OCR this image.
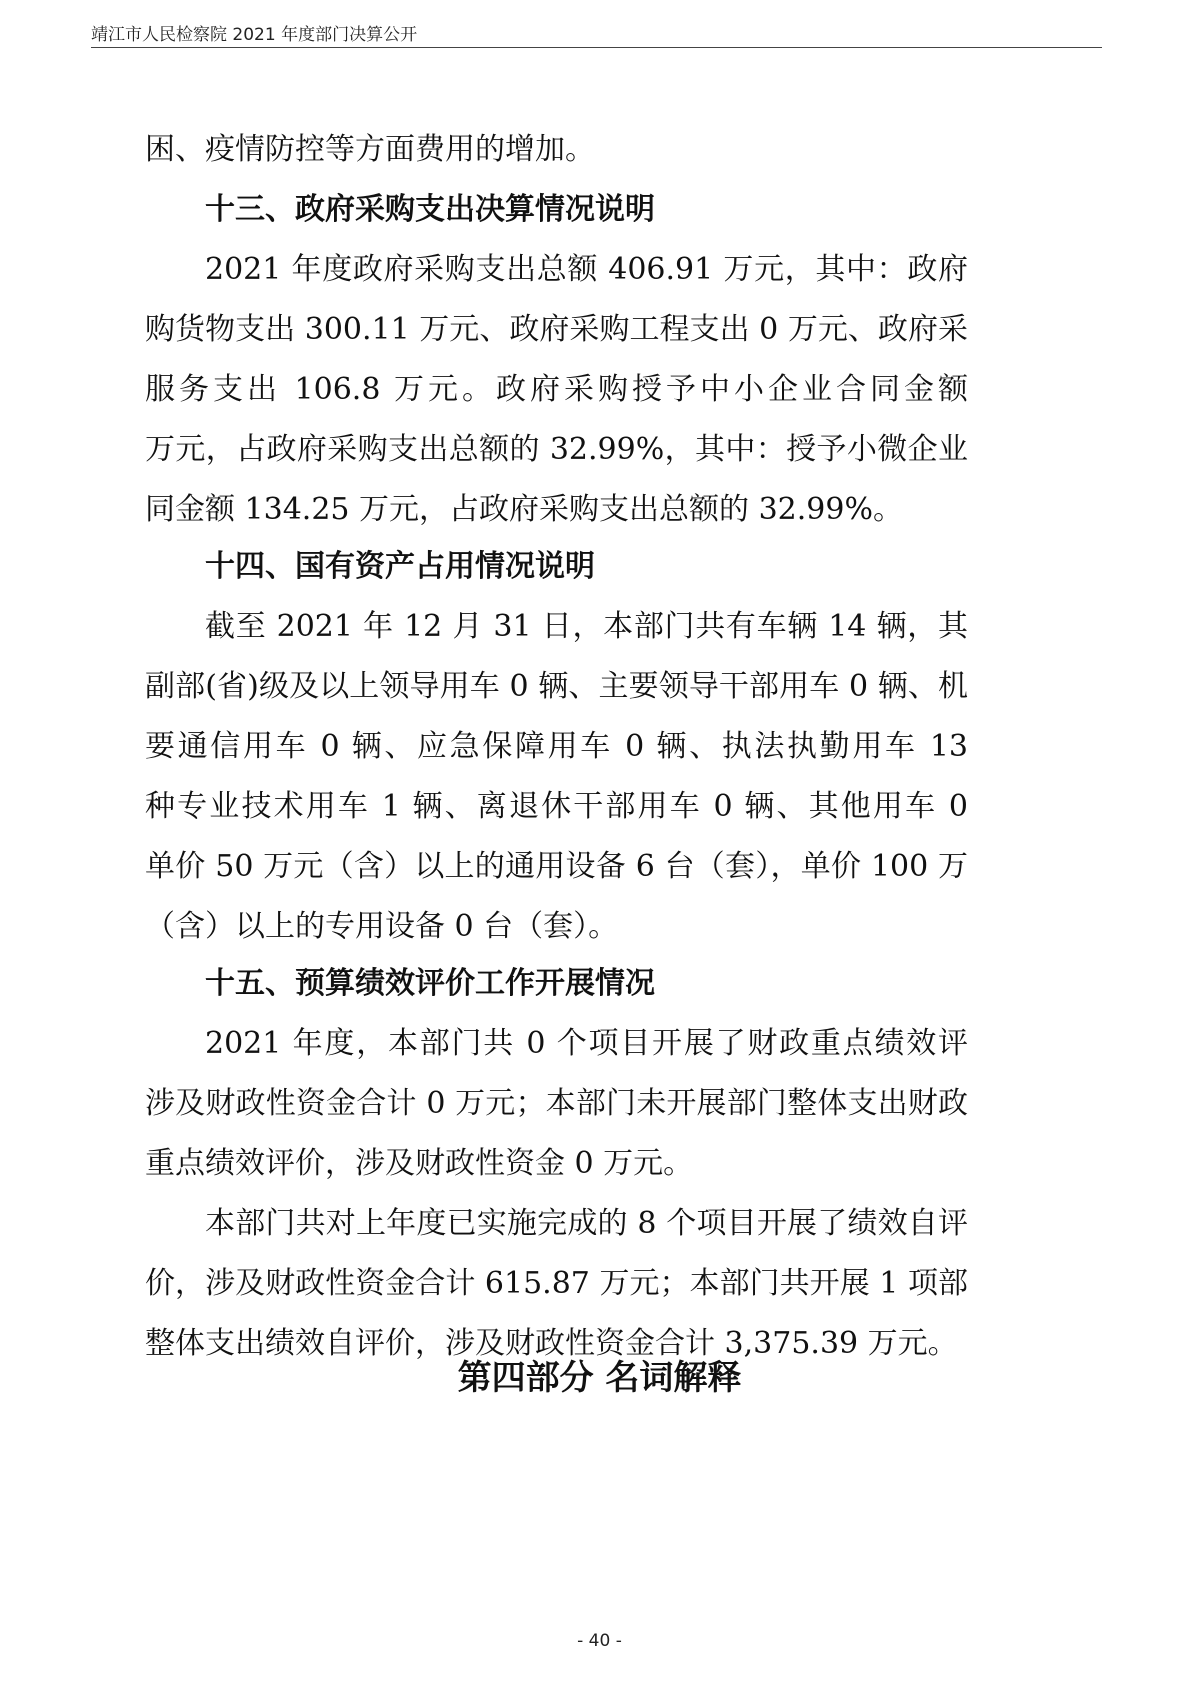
靖江市人民检察院 2021 年度部门决算公开
困、疫情防控等方面费用的增加。
十三、政府采购支出决算情况说明
2021 年度政府采购支出总额 406.91 万元，其中：政府
购货物支出 300.11 万元、政府采购工程支出 0 万元、政府采
服务支出 106.8 万元。政府采购授予中小企业合同金额
万元，占政府采购支出总额的 32.99%，其中：授予小微企业
同金额 134.25 万元，占政府采购支出总额的 32.99%。
十四、国有资产占用情况说明
截至 2021 年 12 月 31 日，本部门共有车辆 14 辆，其
副部(省)级及以上领导用车 0 辆、主要领导干部用车 0 辆、机
要通信用车 0 辆、应急保障用车 0 辆、执法执勤用车 13
种专业技术用车 1 辆、离退休干部用车 0 辆、其他用车 0
单价 50 万元（含）以上的通用设备 6 台（套），单价 100 万
（含）以上的专用设备 0 台（套）。
十五、预算绩效评价工作开展情况
2021 年度，本部门共 0 个项目开展了财政重点绩效评
涉及财政性资金合计 0 万元；本部门未开展部门整体支出财政
重点绩效评价，涉及财政性资金 0 万元。
本部门共对上年度已实施完成的 8 个项目开展了绩效自评
价，涉及财政性资金合计 615.87 万元；本部门共开展 1 项部
整体支出绩效自评价，涉及财政性资金合计 3,375.39 万元。
第四部分 名词解释
- 40 -
